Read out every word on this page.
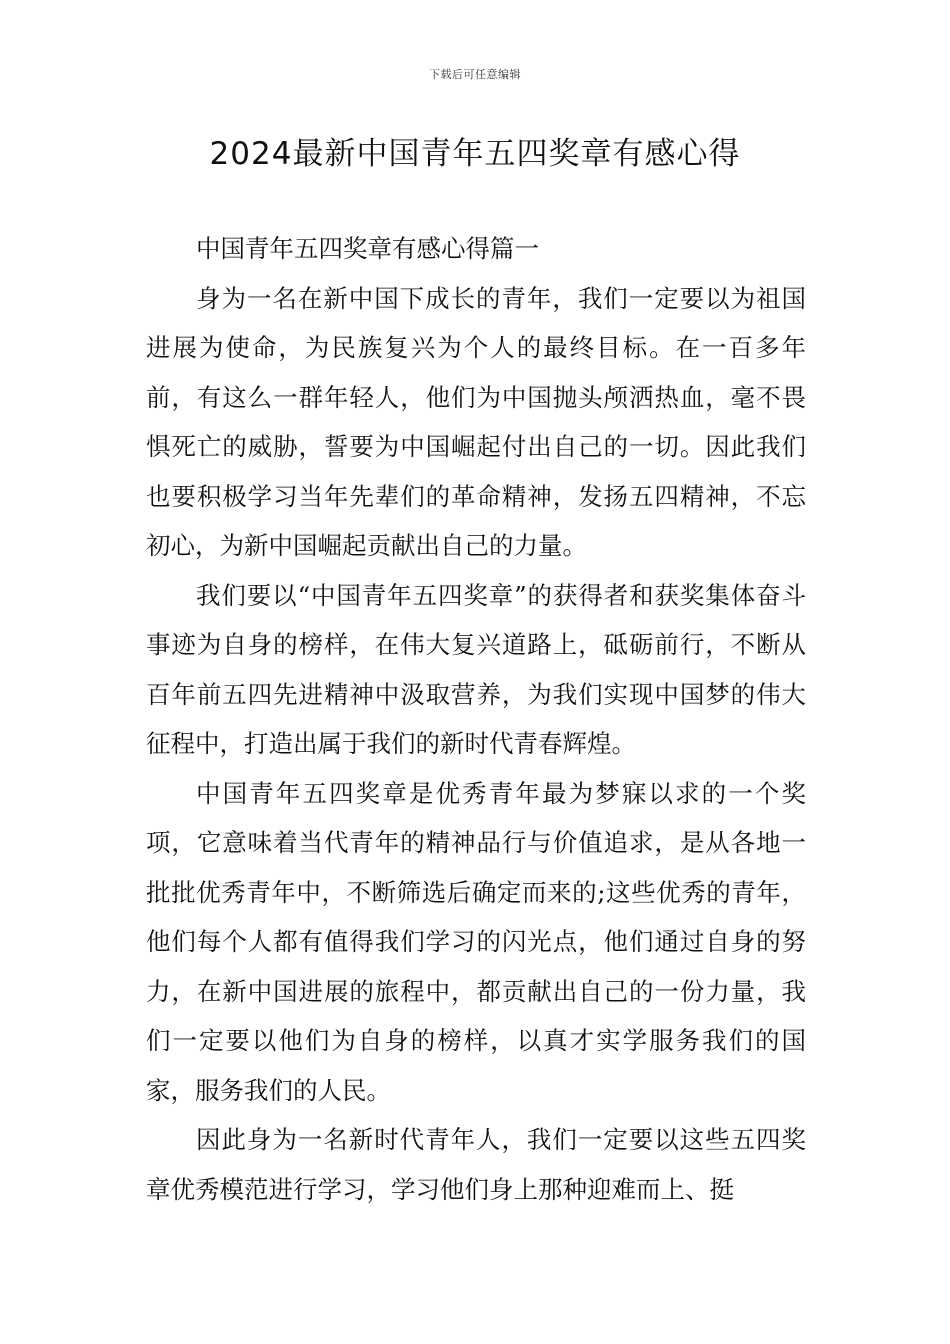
下载后可任意编辑
2024最新中国青年五四奖章有感心得

中国青年五四奖章有感心得篇一

身为一名在新中国下成长的青年，我们一定要以为祖国进展为使命，为民族复兴为个人的最终目标。在一百多年前，有这么一群年轻人，他们为中国抛头颅洒热血，毫不畏惧死亡的威胁，誓要为中国崛起付出自己的一切。因此我们也要积极学习当年先辈们的革命精神，发扬五四精神，不忘初心，为新中国崛起贡献出自己的力量。

我们要以“中国青年五四奖章”的获得者和获奖集体奋斗事迹为自身的榜样，在伟大复兴道路上，砥砺前行，不断从百年前五四先进精神中汲取营养，为我们实现中国梦的伟大征程中，打造出属于我们的新时代青春辉煌。

中国青年五四奖章是优秀青年最为梦寐以求的一个奖项，它意味着当代青年的精神品行与价值追求，是从各地一批批优秀青年中，不断筛选后确定而来的;这些优秀的青年，他们每个人都有值得我们学习的闪光点，他们通过自身的努力，在新中国进展的旅程中，都贡献出自己的一份力量，我们一定要以他们为自身的榜样，以真才实学服务我们的国家，服务我们的人民。

因此身为一名新时代青年人，我们一定要以这些五四奖章优秀模范进行学习，学习他们身上那种迎难而上、挺
